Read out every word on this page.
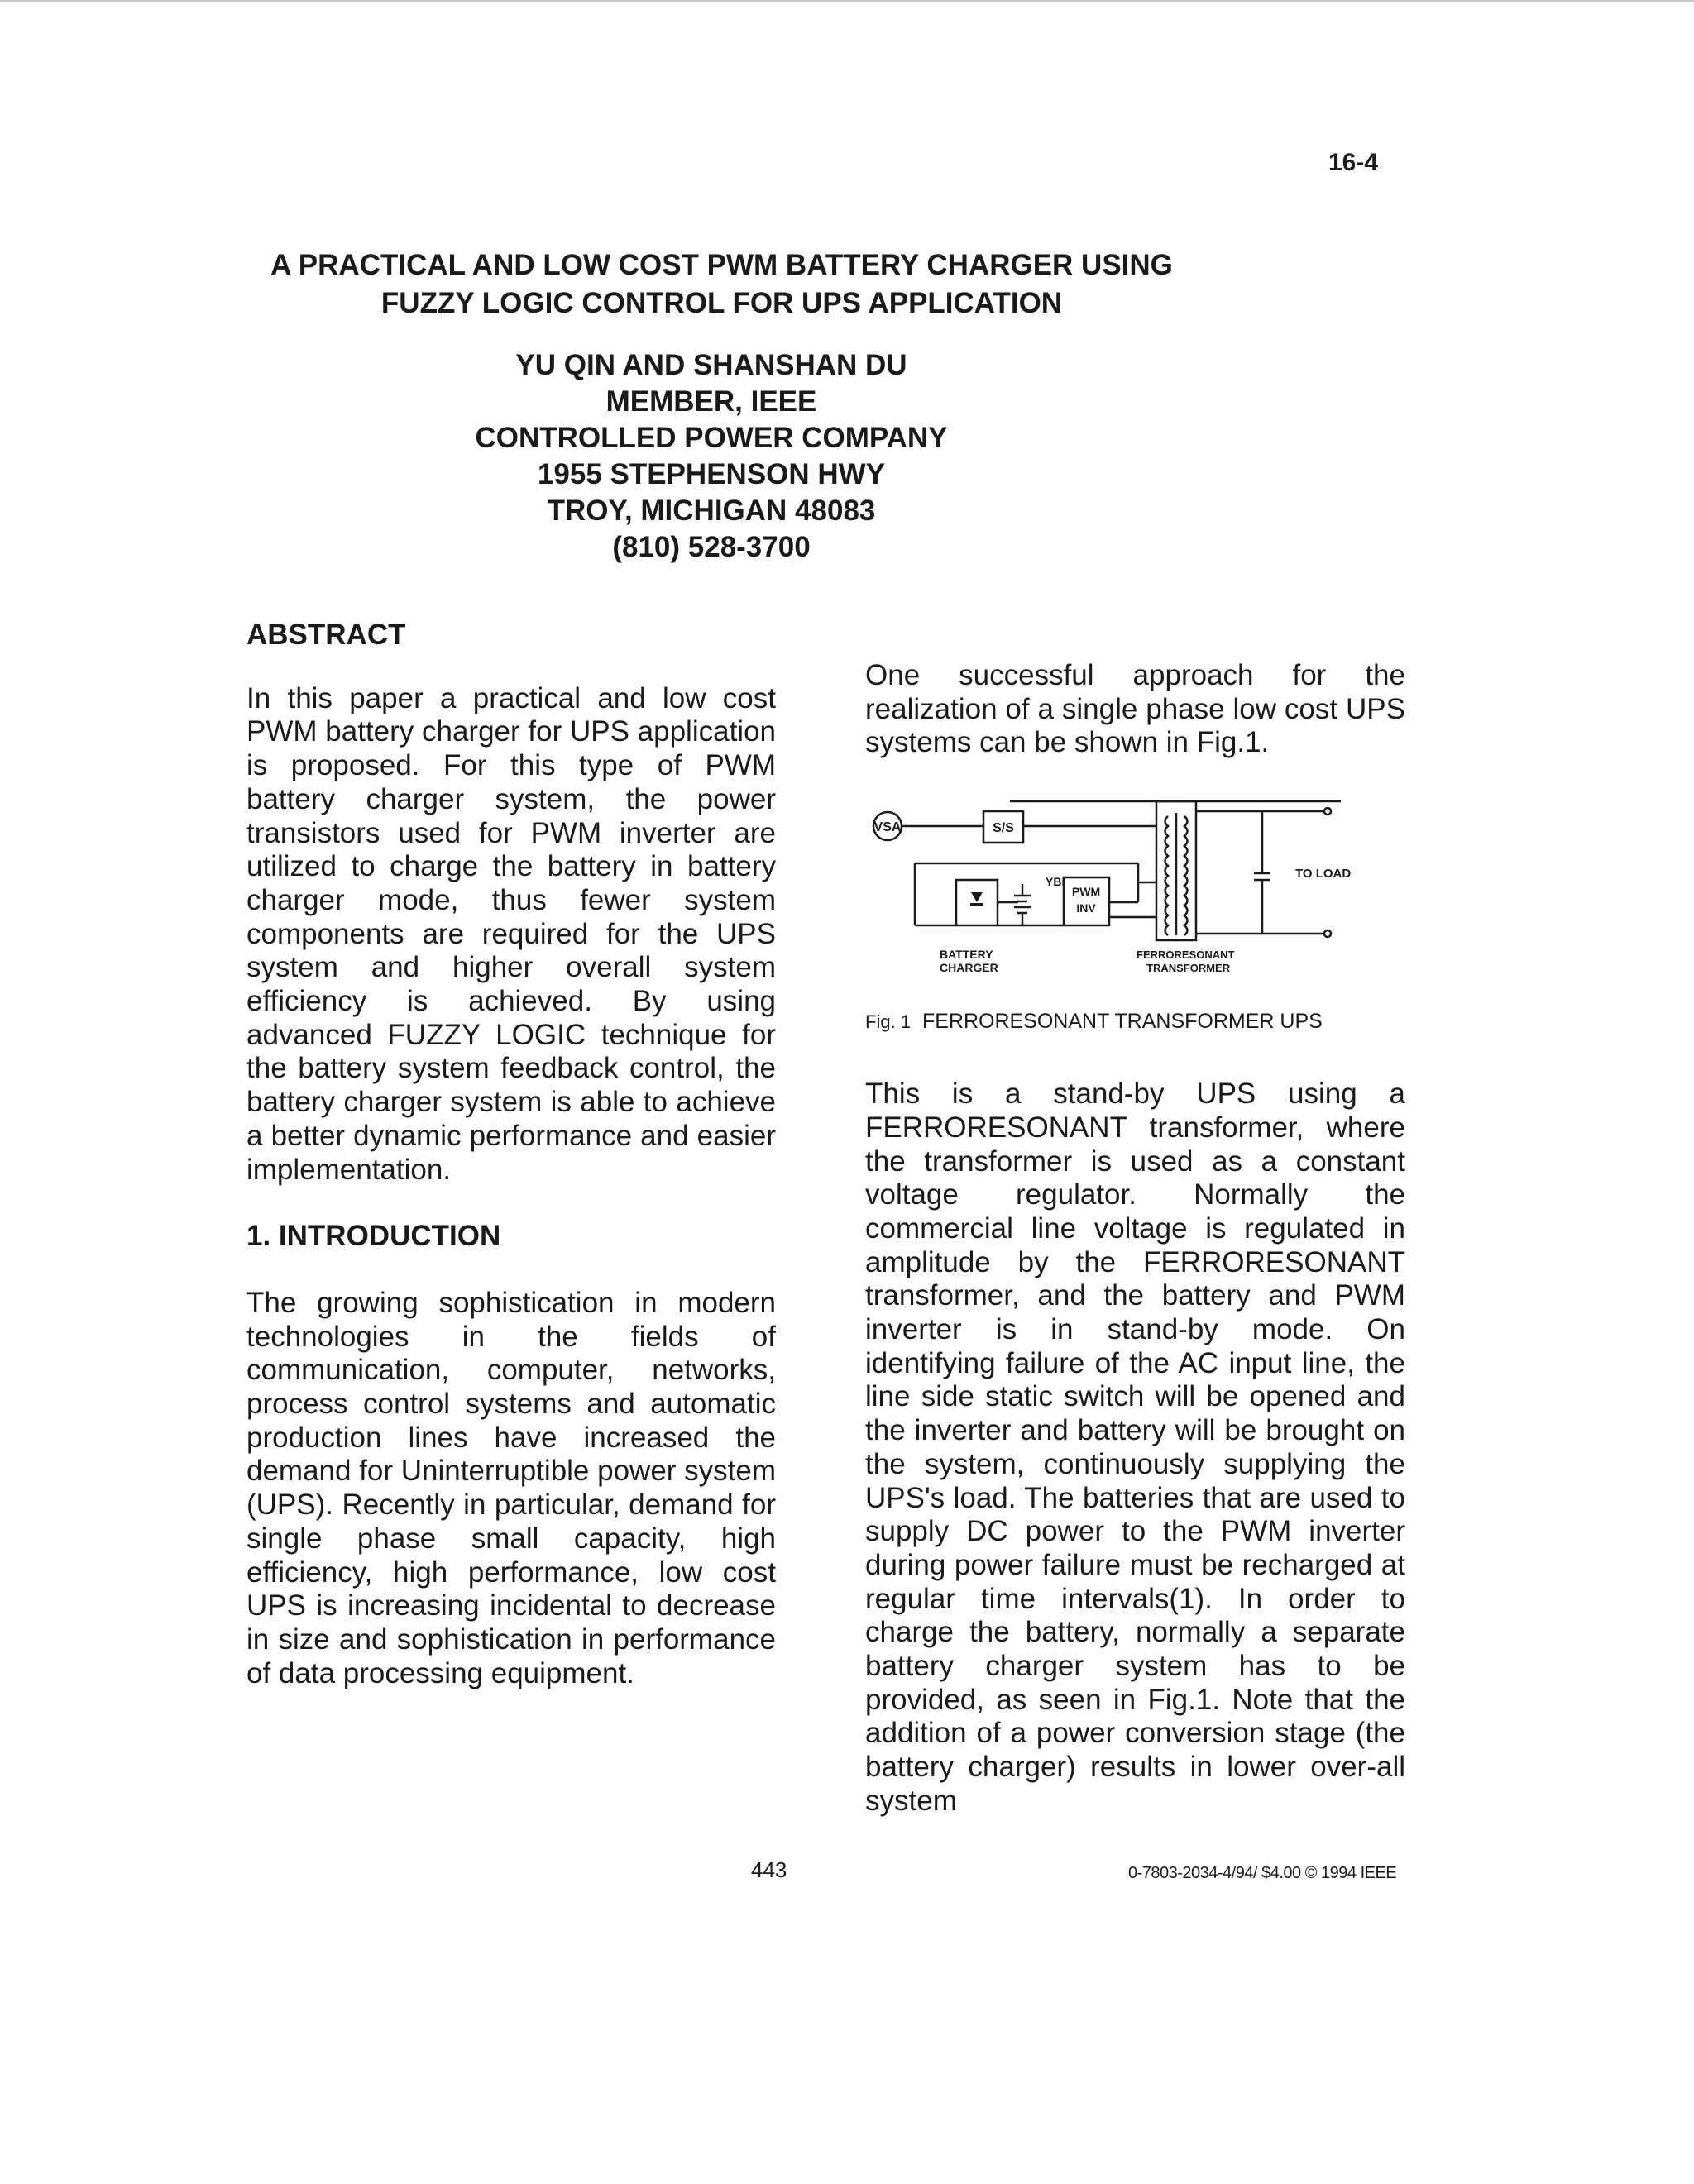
16-4
A PRACTICAL AND LOW COST PWM BATTERY CHARGER USING
FUZZY LOGIC CONTROL FOR UPS APPLICATION
YU QIN AND SHANSHAN DU
MEMBER, IEEE
CONTROLLED POWER COMPANY
1955 STEPHENSON HWY
TROY, MICHIGAN 48083
(810) 528-3700
ABSTRACT

In this paper a practical and low cost PWM battery charger for UPS application is proposed. For this type of PWM battery charger system, the power transistors used for PWM inverter are utilized to charge the battery in battery charger mode, thus fewer system components are required for the UPS system and higher overall system efficiency is achieved. By using advanced FUZZY LOGIC technique for the battery system feedback control, the battery charger system is able to achieve a better dynamic performance and easier implementation.

1. INTRODUCTION

The growing sophistication in modern technologies in the fields of communication, computer, networks, process control systems and automatic production lines have increased the demand for Uninterruptible power system (UPS). Recently in particular, demand for single phase small capacity, high efficiency, high performance, low cost UPS is increasing incidental to decrease in size and sophistication in performance of data processing equipment.

One successful approach for the realization of a single phase low cost UPS systems can be shown in Fig.1.

VSA	S/S
YBI
PWM
INV
TO LOAD
BATTERY
CHARGER
FERRORESONANT
TRANSFORMER
Fig. 1 FERRORESONANT TRANSFORMER UPS

This is a stand-by UPS using a FERRORESONANT transformer, where the transformer is used as a constant voltage regulator. Normally the commercial line voltage is regulated in amplitude by the FERRORESONANT transformer, and the battery and PWM inverter is in stand-by mode. On identifying failure of the AC input line, the line side static switch will be opened and the inverter and battery will be brought on the system, continuously supplying the UPS's load. The batteries that are used to supply DC power to the PWM inverter during power failure must be recharged at regular time intervals(1). In order to charge the battery, normally a separate battery charger system has to be provided, as seen in Fig.1. Note that the addition of a power conversion stage (the battery charger) results in lower over-all system

443	0-7803-2034-4/94/ $4.00 © 1994 IEEE
